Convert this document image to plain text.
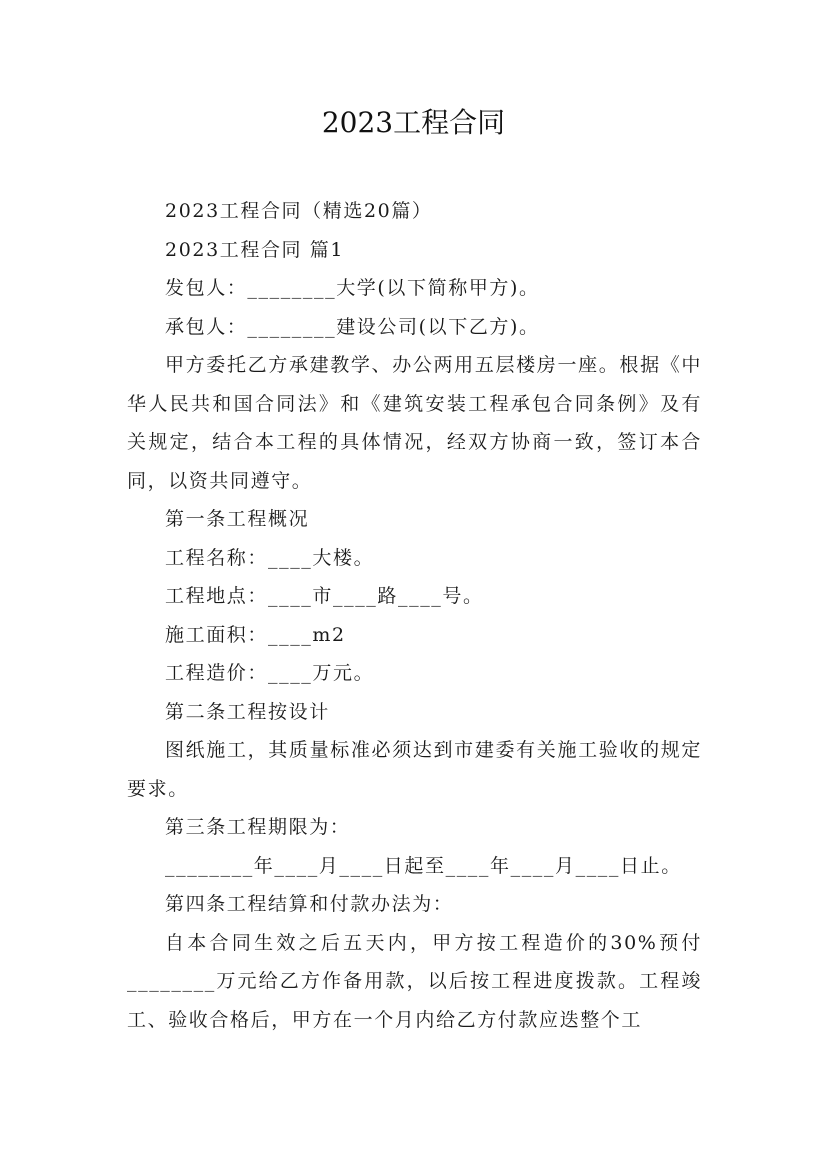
2023工程合同

2023工程合同（精选20篇）

2023工程合同 篇1

发包人：________大学(以下简称甲方)。

承包人：________建设公司(以下乙方)。

甲方委托乙方承建教学、办公两用五层楼房一座。根据《中华人民共和国合同法》和《建筑安装工程承包合同条例》及有关规定，结合本工程的具体情况，经双方协商一致，签订本合同，以资共同遵守。

第一条工程概况

工程名称：____大楼。

工程地点：____市____路____号。

施工面积：____m2

工程造价：____万元。

第二条工程按设计

图纸施工，其质量标准必须达到市建委有关施工验收的规定要求。

第三条工程期限为：

________年____月____日起至____年____月____日止。

第四条工程结算和付款办法为：

自本合同生效之后五天内，甲方按工程造价的30%预付________万元给乙方作备用款，以后按工程进度拨款。工程竣工、验收合格后，甲方在一个月内给乙方付款应迭整个工
